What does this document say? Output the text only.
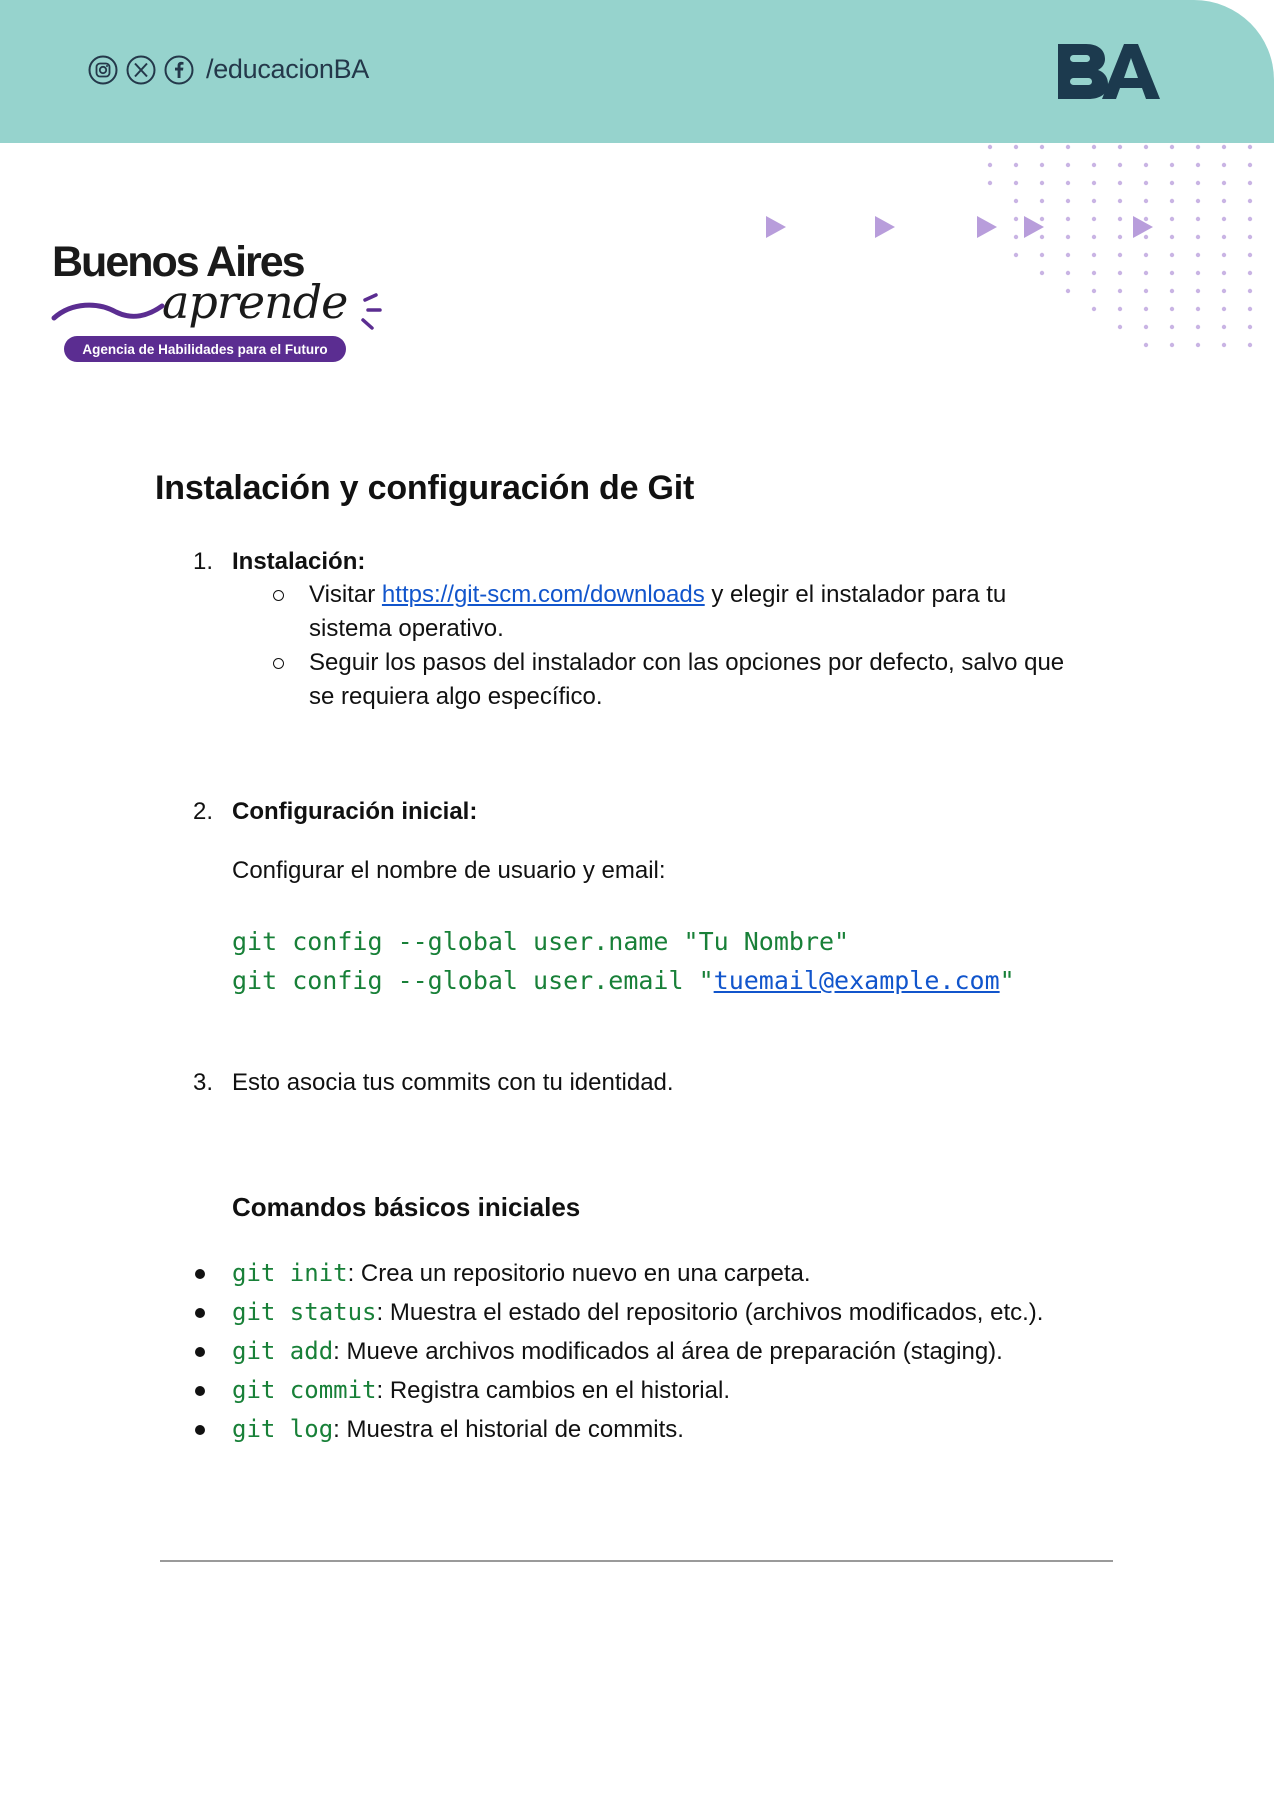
/educacionBA
Buenos Aires
aprende
Agencia de Habilidades para el Futuro
Instalación y configuración de Git
1. Instalación:
Visitar https://git-scm.com/downloads y elegir el instalador para tu
sistema operativo.
Seguir los pasos del instalador con las opciones por defecto, salvo que
se requiera algo específico.
2. Configuración inicial:
Configurar el nombre de usuario y email:
git config --global user.name "Tu Nombre"
git config --global user.email "tuemail@example.com"
3. Esto asocia tus commits con tu identidad.
Comandos básicos iniciales
git init: Crea un repositorio nuevo en una carpeta.
git status: Muestra el estado del repositorio (archivos modificados, etc.).
git add: Mueve archivos modificados al área de preparación (staging).
git commit: Registra cambios en el historial.
git log: Muestra el historial de commits.
